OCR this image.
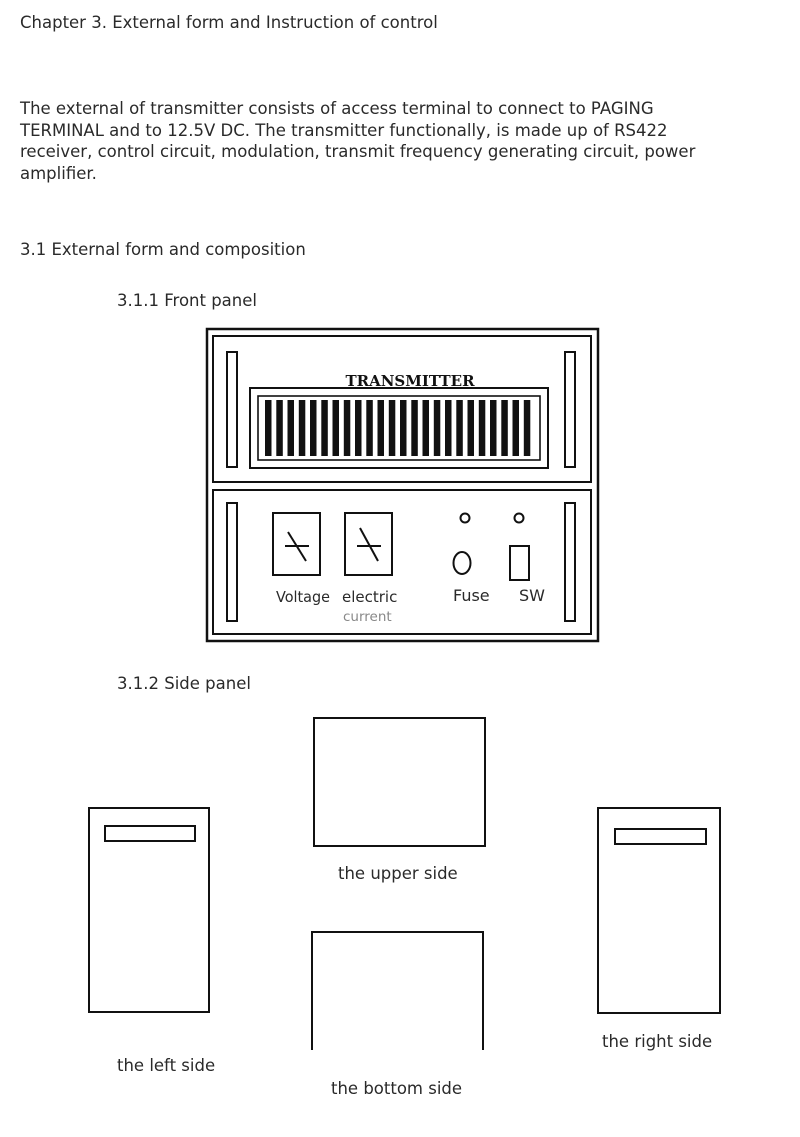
Chapter 3. External form and Instruction of control
The external of transmitter consists of access terminal to connect to PAGING
TERMINAL and to 12.5V DC. The transmitter functionally, is made up of RS422
receiver, control circuit, modulation, transmit frequency generating circuit, power
amplifier.
3.1 External form and composition
3.1.1 Front panel
TRANSMITTER
Voltage electric
current
Fuse SW
3.1.2 Side panel
the upper side
the right side
the left side
the bottom side
